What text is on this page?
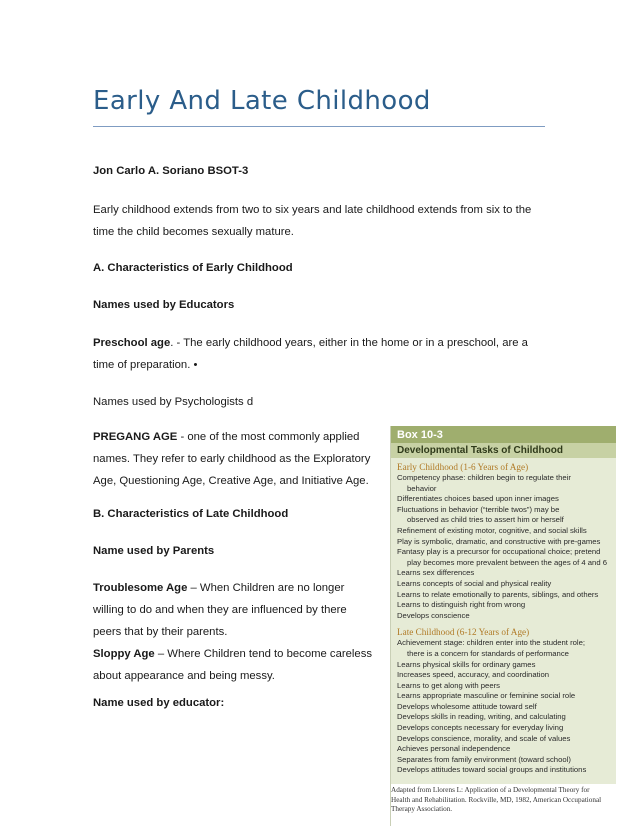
Early And Late Childhood

Jon Carlo A. Soriano BSOT-3

Early childhood extends from two to six years and late childhood extends from six to the
time the child becomes sexually mature.

A. Characteristics of Early Childhood

Names used by Educators

Preschool age. - The early childhood years, either in the home or in a preschool, are a
time of preparation. •

Names used by Psychologists d

PREGANG AGE - one of the most commonly applied
names. They refer to early childhood as the Exploratory
Age, Questioning Age, Creative Age, and Initiative Age.

B. Characteristics of Late Childhood

Name used by Parents

Troublesome Age – When Children are no longer
willing to do and when they are influenced by there
peers that by their parents.
Sloppy Age – Where Children tend to become careless
about appearance and being messy.

Name used by educator:

Box 10-3
Developmental Tasks of Childhood
Early Childhood (1-6 Years of Age)
Competency phase: children begin to regulate their
behavior
Differentiates choices based upon inner images
Fluctuations in behavior (“terrible twos”) may be
observed as child tries to assert him or herself
Refinement of existing motor, cognitive, and social skills
Play is symbolic, dramatic, and constructive with pre-games
Fantasy play is a precursor for occupational choice; pretend
play becomes more prevalent between the ages of 4 and 6
Learns sex differences
Learns concepts of social and physical reality
Learns to relate emotionally to parents, siblings, and others
Learns to distinguish right from wrong
Develops conscience
Late Childhood (6-12 Years of Age)
Achievement stage: children enter into the student role;
there is a concern for standards of performance
Learns physical skills for ordinary games
Increases speed, accuracy, and coordination
Learns to get along with peers
Learns appropriate masculine or feminine social role
Develops wholesome attitude toward self
Develops skills in reading, writing, and calculating
Develops concepts necessary for everyday living
Develops conscience, morality, and scale of values
Achieves personal independence
Separates from family environment (toward school)
Develops attitudes toward social groups and institutions
Adapted from Llorens L: Application of a Developmental Theory for
Health and Rehabilitation. Rockville, MD, 1982, American Occupational
Therapy Association.
